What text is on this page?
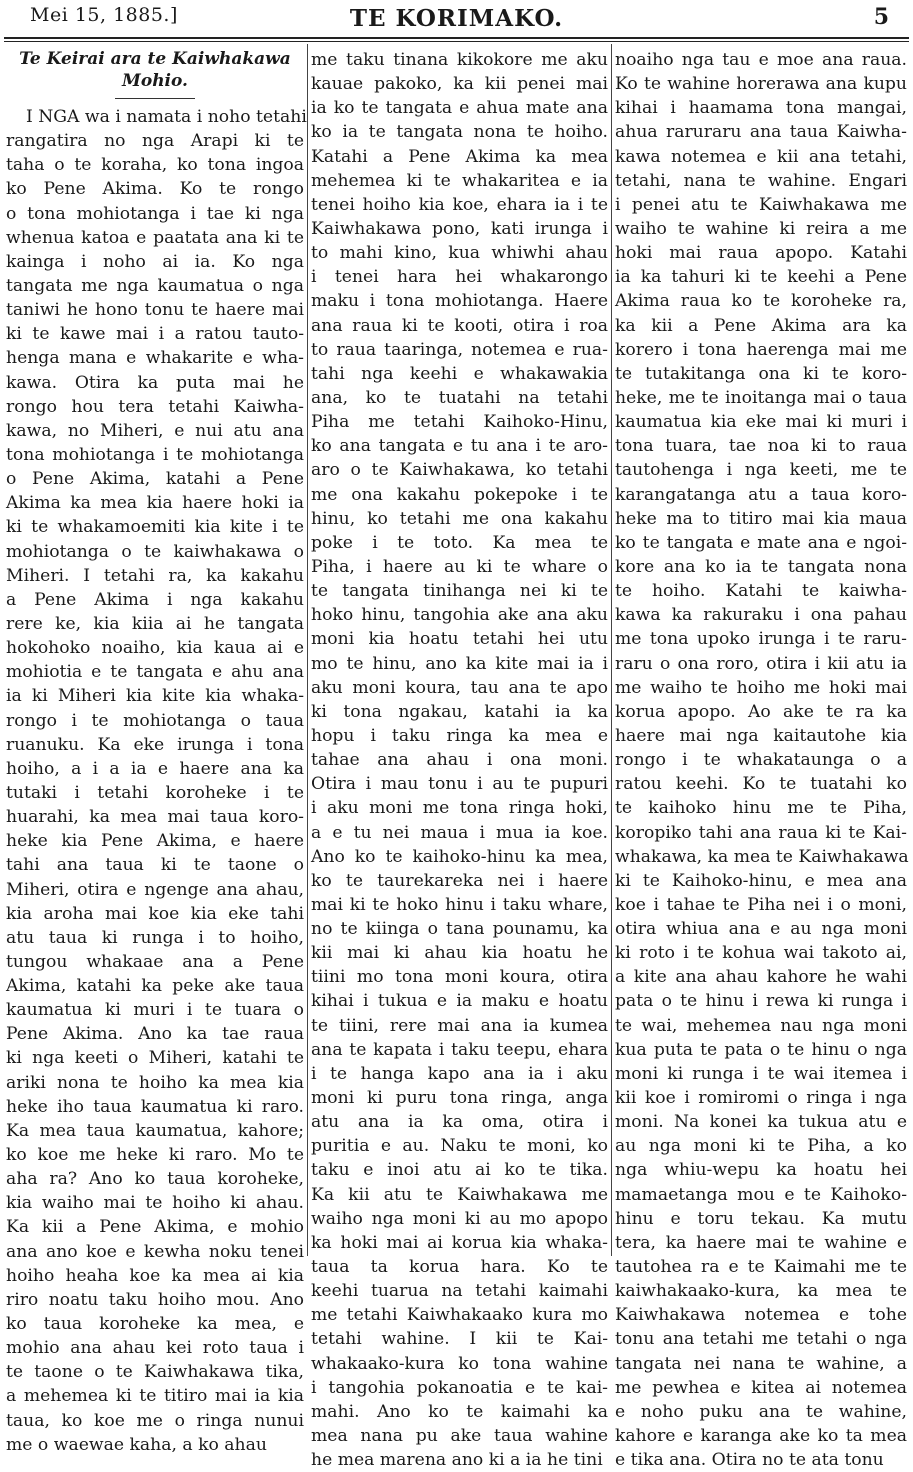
Mei 15, 1885.]	TE KORIMAKO.	5
Te Keirai ara te Kaiwhakawa
Mohio.
I NGA wa i namata i noho tetahi
rangatira no nga Arapi ki te
taha o te koraha, ko tona ingoa
ko Pene Akima. Ko te rongo
o tona mohiotanga i tae ki nga
whenua katoa e paatata ana ki te
kainga i noho ai ia. Ko nga
tangata me nga kaumatua o nga
taniwi he hono tonu te haere mai
ki te kawe mai i a ratou tauto-
henga mana e whakarite e wha-
kawa. Otira ka puta mai he
rongo hou tera tetahi Kaiwha-
kawa, no Miheri, e nui atu ana
tona mohiotanga i te mohiotanga
o Pene Akima, katahi a Pene
Akima ka mea kia haere hoki ia
ki te whakamoemiti kia kite i te
mohiotanga o te kaiwhakawa o
Miheri. I tetahi ra, ka kakahu
a Pene Akima i nga kakahu
rere ke, kia kiia ai he tangata
hokohoko noaiho, kia kaua ai e
mohiotia e te tangata e ahu ana
ia ki Miheri kia kite kia whaka-
rongo i te mohiotanga o taua
ruanuku. Ka eke irunga i tona
hoiho, a i a ia e haere ana ka
tutaki i tetahi koroheke i te
huarahi, ka mea mai taua koro-
heke kia Pene Akima, e haere
tahi ana taua ki te taone o
Miheri, otira e ngenge ana ahau,
kia aroha mai koe kia eke tahi
atu taua ki runga i to hoiho,
tungou whakaae ana a Pene
Akima, katahi ka peke ake taua
kaumatua ki muri i te tuara o
Pene Akima. Ano ka tae raua
ki nga keeti o Miheri, katahi te
ariki nona te hoiho ka mea kia
heke iho taua kaumatua ki raro.
Ka mea taua kaumatua, kahore;
ko koe me heke ki raro. Mo te
aha ra? Ano ko taua koroheke,
kia waiho mai te hoiho ki ahau.
Ka kii a Pene Akima, e mohio
ana ano koe e kewha noku tenei
hoiho heaha koe ka mea ai kia
riro noatu taku hoiho mou. Ano
ko taua koroheke ka mea, e
mohio ana ahau kei roto taua i
te taone o te Kaiwhakawa tika,
a mehemea ki te titiro mai ia kia
taua, ko koe me o ringa nunui
me o waewae kaha, a ko ahau
me taku tinana kikokore me aku
kauae pakoko, ka kii penei mai
ia ko te tangata e ahua mate ana
ko ia te tangata nona te hoiho.
Katahi a Pene Akima ka mea
mehemea ki te whakaritea e ia
tenei hoiho kia koe, ehara ia i te
Kaiwhakawa pono, kati irunga i
to mahi kino, kua whiwhi ahau
i tenei hara hei whakarongo
maku i tona mohiotanga. Haere
ana raua ki te kooti, otira i roa
to raua taaringa, notemea e rua-
tahi nga keehi e whakawakia
ana, ko te tuatahi na tetahi
Piha me tetahi Kaihoko-Hinu,
ko ana tangata e tu ana i te aro-
aro o te Kaiwhakawa, ko tetahi
me ona kakahu pokepoke i te
hinu, ko tetahi me ona kakahu
poke i te toto. Ka mea te
Piha, i haere au ki te whare o
te tangata tinihanga nei ki te
hoko hinu, tangohia ake ana aku
moni kia hoatu tetahi hei utu
mo te hinu, ano ka kite mai ia i
aku moni koura, tau ana te apo
ki tona ngakau, katahi ia ka
hopu i taku ringa ka mea e
tahae ana ahau i ona moni.
Otira i mau tonu i au te pupuri
i aku moni me tona ringa hoki,
a e tu nei maua i mua ia koe.
Ano ko te kaihoko-hinu ka mea,
ko te taurekareka nei i haere
mai ki te hoko hinu i taku whare,
no te kiinga o tana pounamu, ka
kii mai ki ahau kia hoatu he
tiini mo tona moni koura, otira
kihai i tukua e ia maku e hoatu
te tiini, rere mai ana ia kumea
ana te kapata i taku teepu, ehara
i te hanga kapo ana ia i aku
moni ki puru tona ringa, anga
atu ana ia ka oma, otira i
puritia e au. Naku te moni, ko
taku e inoi atu ai ko te tika.
Ka kii atu te Kaiwhakawa me
waiho nga moni ki au mo apopo
ka hoki mai ai korua kia whaka-
taua ta korua hara. Ko te
keehi tuarua na tetahi kaimahi
me tetahi Kaiwhakaako kura mo
tetahi wahine. I kii te Kai-
whakaako-kura ko tona wahine
i tangohia pokanoatia e te kai-
mahi. Ano ko te kaimahi ka
mea nana pu ake taua wahine
he mea marena ano ki a ia he tini
noaiho nga tau e moe ana raua.
Ko te wahine horerawa ana kupu
kihai i haamama tona mangai,
ahua raruraru ana taua Kaiwha-
kawa notemea e kii ana tetahi,
tetahi, nana te wahine. Engari
i penei atu te Kaiwhakawa me
waiho te wahine ki reira a me
hoki mai raua apopo. Katahi
ia ka tahuri ki te keehi a Pene
Akima raua ko te koroheke ra,
ka kii a Pene Akima ara ka
korero i tona haerenga mai me
te tutakitanga ona ki te koro-
heke, me te inoitanga mai o taua
kaumatua kia eke mai ki muri i
tona tuara, tae noa ki to raua
tautohenga i nga keeti, me te
karangatanga atu a taua koro-
heke ma to titiro mai kia maua
ko te tangata e mate ana e ngoi-
kore ana ko ia te tangata nona
te hoiho. Katahi te kaiwha-
kawa ka rakuraku i ona pahau
me tona upoko irunga i te raru-
raru o ona roro, otira i kii atu ia
me waiho te hoiho me hoki mai
korua apopo. Ao ake te ra ka
haere mai nga kaitautohe kia
rongo i te whakataunga o a
ratou keehi. Ko te tuatahi ko
te kaihoko hinu me te Piha,
koropiko tahi ana raua ki te Kai-
whakawa, ka mea te Kaiwhakawa
ki te Kaihoko-hinu, e mea ana
koe i tahae te Piha nei i o moni,
otira whiua ana e au nga moni
ki roto i te kohua wai takoto ai,
a kite ana ahau kahore he wahi
pata o te hinu i rewa ki runga i
te wai, mehemea nau nga moni
kua puta te pata o te hinu o nga
moni ki runga i te wai itemea i
kii koe i romiromi o ringa i nga
moni. Na konei ka tukua atu e
au nga moni ki te Piha, a ko
nga whiu-wepu ka hoatu hei
mamaetanga mou e te Kaihoko-
hinu e toru tekau. Ka mutu
tera, ka haere mai te wahine e
tautohea ra e te Kaimahi me te
kaiwhakaako-kura, ka mea te
Kaiwhakawa notemea e tohe
tonu ana tetahi me tetahi o nga
tangata nei nana te wahine, a
me pewhea e kitea ai notemea
e noho puku ana te wahine,
kahore e karanga ake ko ta mea
e tika ana. Otira no te ata tonu
